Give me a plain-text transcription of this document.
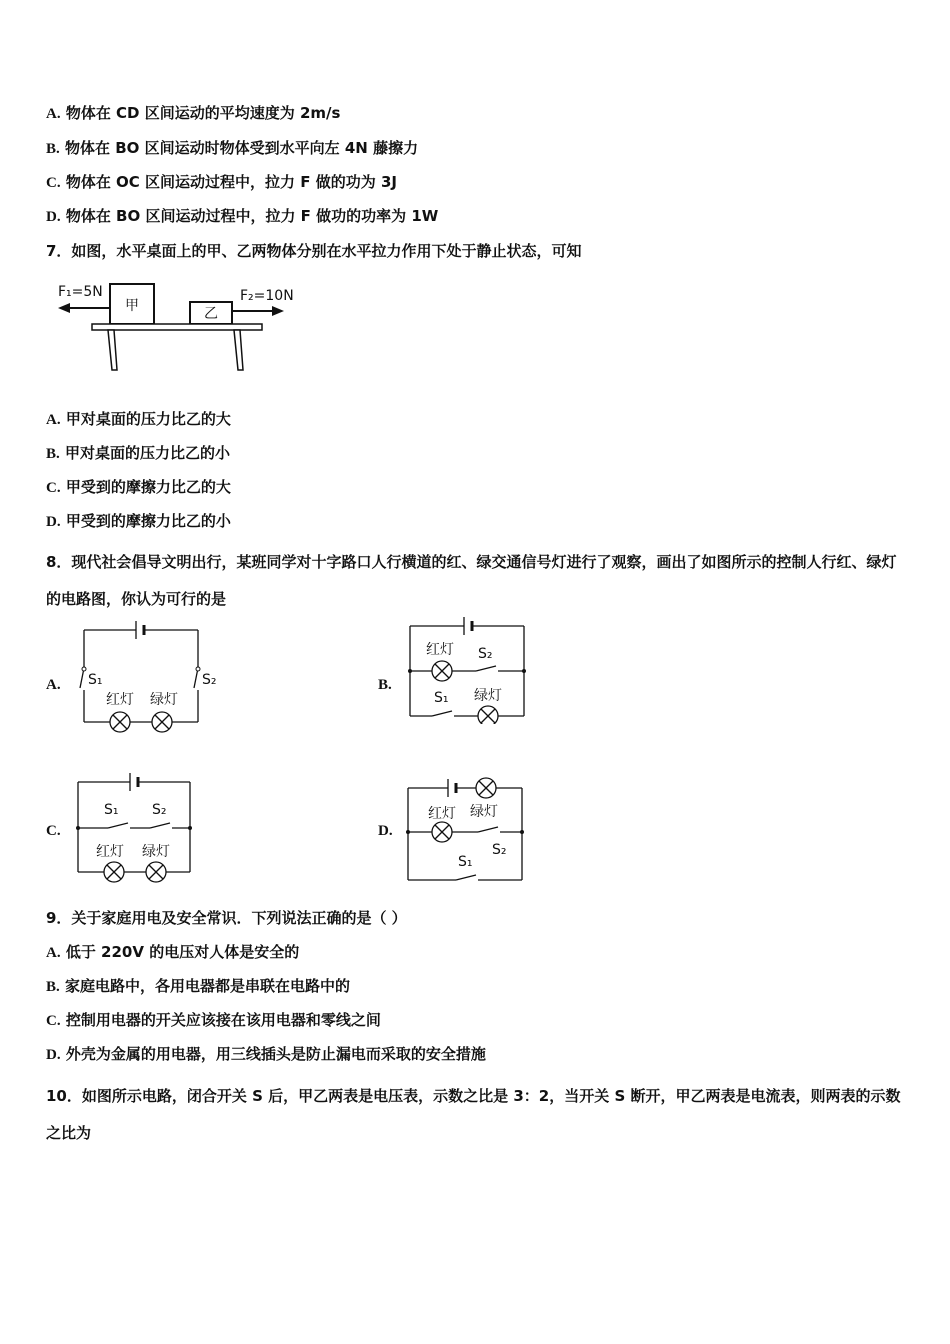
A. 物体在 CD 区间运动的平均速度为 2m/s
B. 物体在 BO 区间运动时物体受到水平向左 4N 藤擦力
C. 物体在 OC 区间运动过程中，拉力 F 做的功为 3J
D. 物体在 BO 区间运动过程中，拉力 F 做功的功率为 1W
7．如图，水平桌面上的甲、乙两物体分别在水平拉力作用下处于静止状态，可知
F₁=5N
甲	乙
F₂=10N
A. 甲对桌面的压力比乙的大
B. 甲对桌面的压力比乙的小
C. 甲受到的摩擦力比乙的大
D. 甲受到的摩擦力比乙的小
8．现代社会倡导文明出行，某班同学对十字路口人行横道的红、绿交通信号灯进行了观察，画出了如图所示的控制人行红、绿灯的电路图，你认为可行的是
A.	B.
C.	D.
S₁	S₂
红灯 绿灯
红灯 S₂
S₁ 绿灯
S₁ S₂
红灯 绿灯
红灯 绿灯
S₂
S₁
9．关于家庭用电及安全常识．下列说法正确的是（ ）
A. 低于 220V 的电压对人体是安全的
B. 家庭电路中，各用电器都是串联在电路中的
C. 控制用电器的开关应该接在该用电器和零线之间
D. 外壳为金属的用电器，用三线插头是防止漏电而采取的安全措施
10．如图所示电路，闭合开关 S 后，甲乙两表是电压表，示数之比是 3：2，当开关 S 断开，甲乙两表是电流表，则两表的示数之比为
